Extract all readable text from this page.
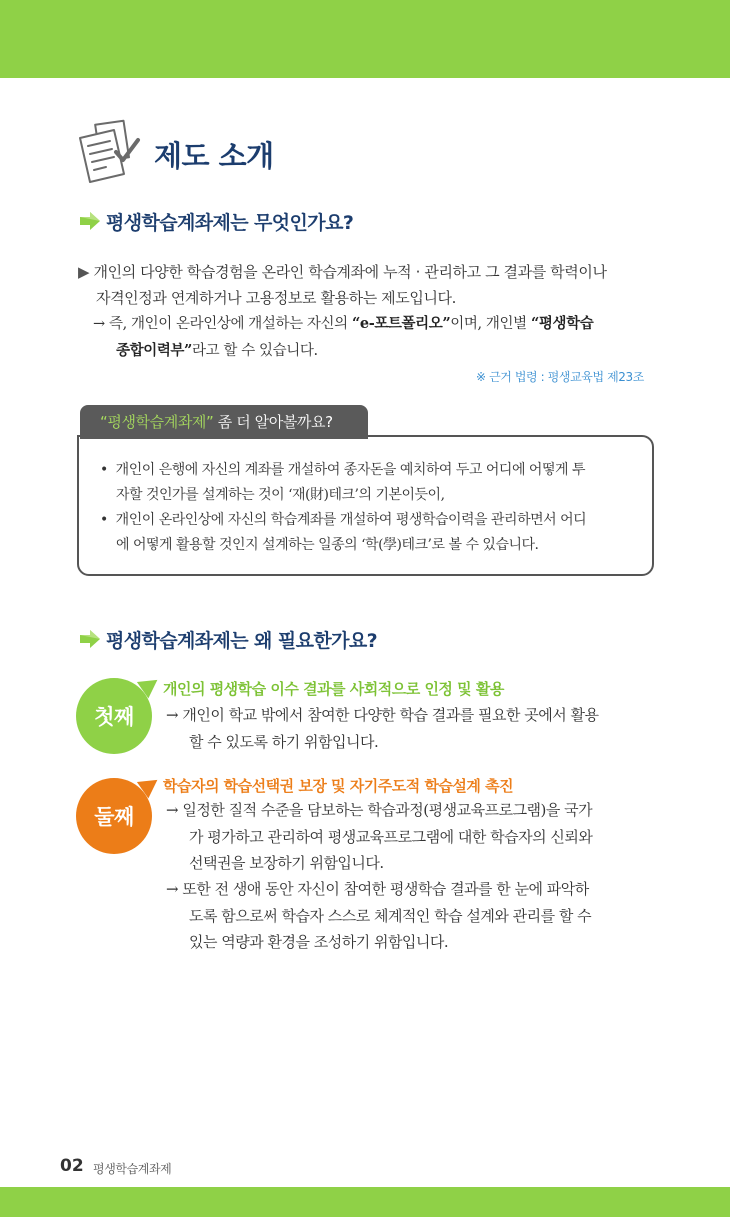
제도 소개
평생학습계좌제는 무엇인가요?
▶ 개인의 다양한 학습경험을 온라인 학습계좌에 누적 · 관리하고 그 결과를 학력이나
자격인정과 연계하거나 고용정보로 활용하는 제도입니다.
→ 즉, 개인이 온라인상에 개설하는 자신의 “e-포트폴리오”이며, 개인별 “평생학습
종합이력부”라고 할 수 있습니다.
※ 근거 법령 : 평생교육법 제23조
“평생학습계좌제” 좀 더 알아볼까요?
• 개인이 은행에 자신의 계좌를 개설하여 종자돈을 예치하여 두고 어디에 어떻게 투
자할 것인가를 설계하는 것이 ‘재(財)테크’의 기본이듯이,
• 개인이 온라인상에 자신의 학습계좌를 개설하여 평생학습이력을 관리하면서 어디
에 어떻게 활용할 것인지 설계하는 일종의 ‘학(學)테크’로 볼 수 있습니다.
평생학습계좌제는 왜 필요한가요?
첫째
개인의 평생학습 이수 결과를 사회적으로 인정 및 활용
→ 개인이 학교 밖에서 참여한 다양한 학습 결과를 필요한 곳에서 활용
할 수 있도록 하기 위함입니다.
둘째
학습자의 학습선택권 보장 및 자기주도적 학습설계 촉진
→ 일정한 질적 수준을 담보하는 학습과정(평생교육프로그램)을 국가
가 평가하고 관리하여 평생교육프로그램에 대한 학습자의 신뢰와
선택권을 보장하기 위함입니다.
→ 또한 전 생애 동안 자신이 참여한 평생학습 결과를 한 눈에 파악하
도록 함으로써 학습자 스스로 체계적인 학습 설계와 관리를 할 수
있는 역량과 환경을 조성하기 위함입니다.
02 평생학습계좌제
